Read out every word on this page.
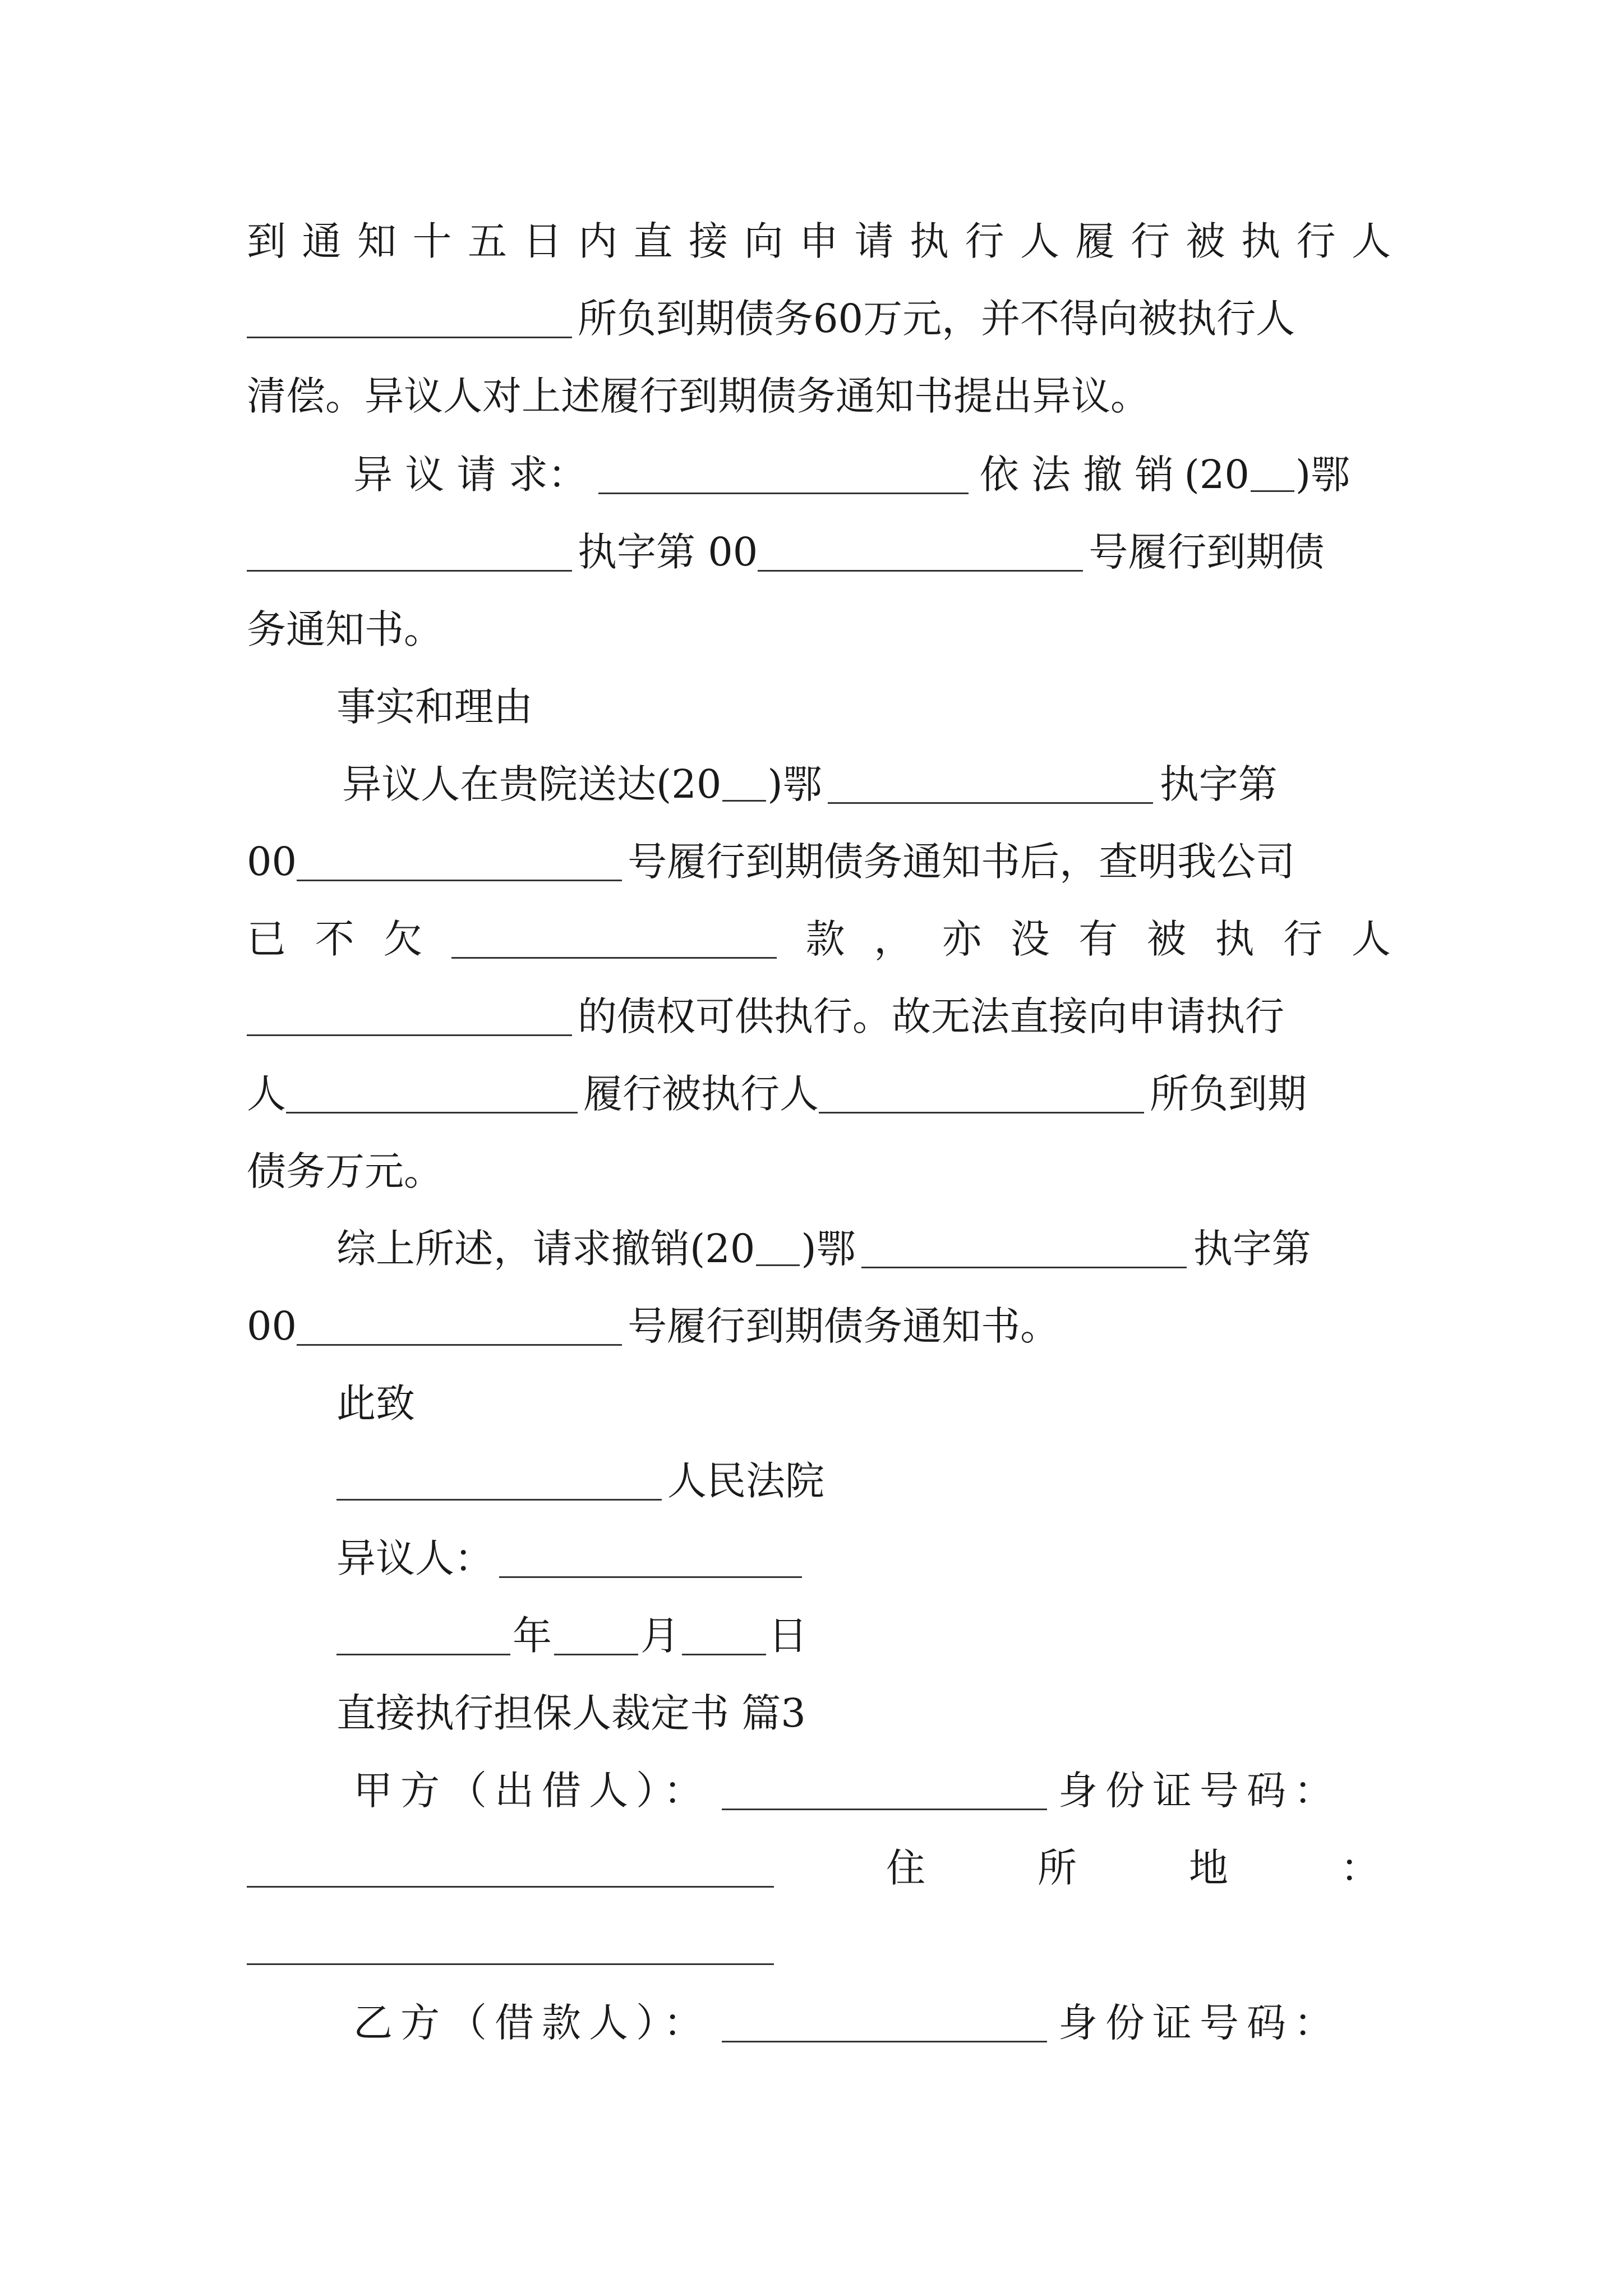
到 通 知 十 五 日 内 直 接 向 申 请 执 行 人 履 行 被 执 行 人
所负到期债务60万元，并不得向被执行人
清偿。异议人对上述履行到期债务通知书提出异议。
异 议 请 求：	依 法 撤 销 (20 )鄂
执字第 00	号履行到期债
务通知书。
事实和理由
异议人在贵院送达(20 )鄂	执字第
00	号履行到期债务通知书后，查明我公司
已 不 欠	款 ， 亦 没 有 被 执 行 人
的债权可供执行。故无法直接向申请执行
人	履行被执行人	所负到期
债务万元。
综上所述，请求撤销(20 )鄂	执字第
00	号履行到期债务通知书。
此致
人民法院
异议人：
年 月 日
直接执行担保人裁定书 篇3
甲方（出借人）：	身份证号码：
住	所	地	：
乙方（借款人）：	身份证号码：
